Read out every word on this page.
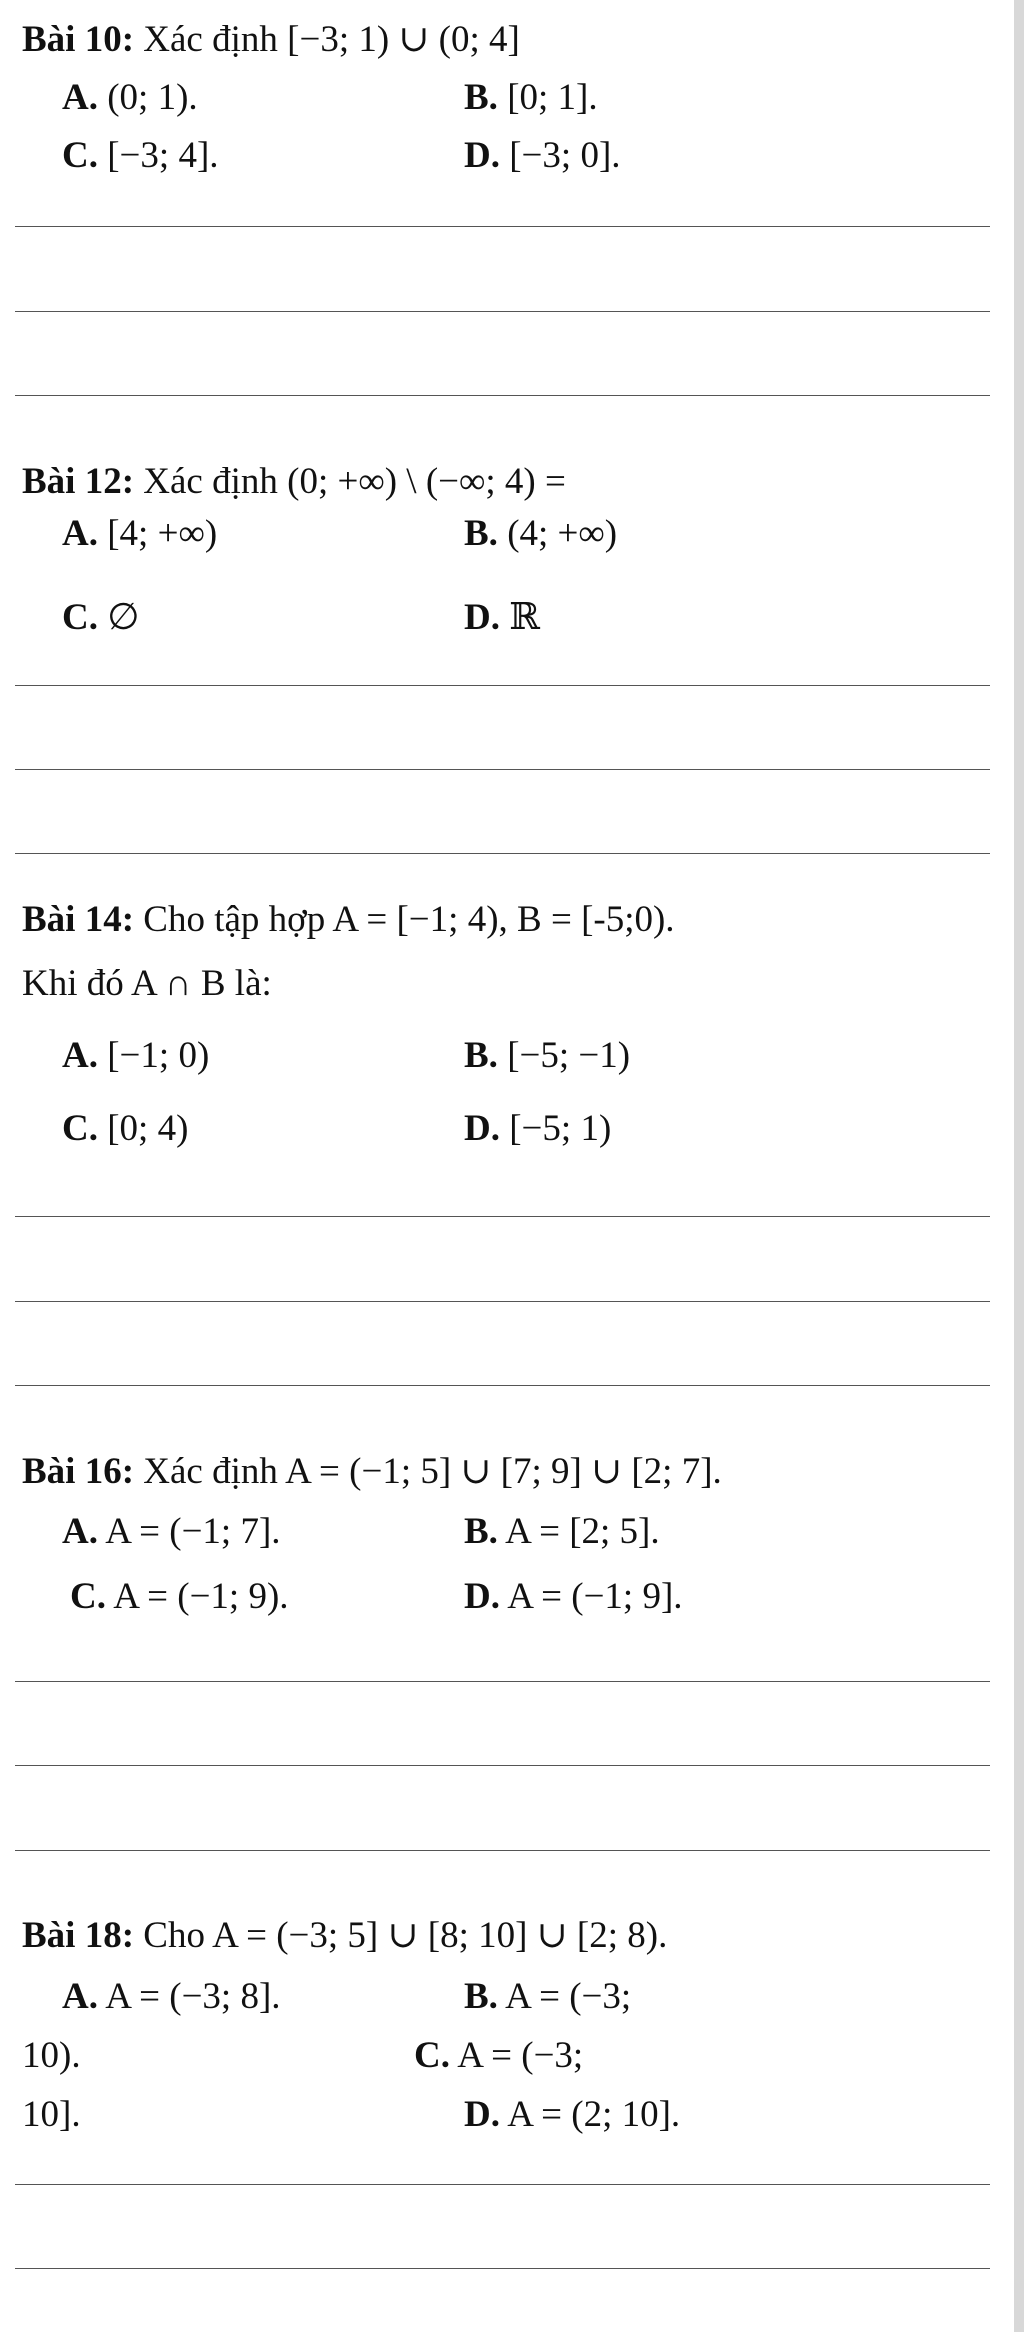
Bài 10: Xác định [−3; 1) ∪ (0; 4]
A. (0; 1).	B. [0; 1].
C. [−3; 4].	D. [−3; 0].
Bài 12: Xác định (0; +∞) \ (−∞; 4) =
A. [4; +∞)	B. (4; +∞)
C. ∅	D. ℝ
Bài 14: Cho tập hợp A = [−1; 4), B = [-5;0).
Khi đó A ∩ B là:
A. [−1; 0)	B. [−5; −1)
C. [0; 4)	D. [−5; 1)
Bài 16: Xác định A = (−1; 5] ∪ [7; 9] ∪ [2; 7].
A. A = (−1; 7].	B. A = [2; 5].
C. A = (−1; 9).	D. A = (−1; 9].
Bài 18: Cho A = (−3; 5] ∪ [8; 10] ∪ [2; 8).
A. A = (−3; 8].	B. A = (−3;
10).	C. A = (−3;
10].	D. A = (2; 10].
